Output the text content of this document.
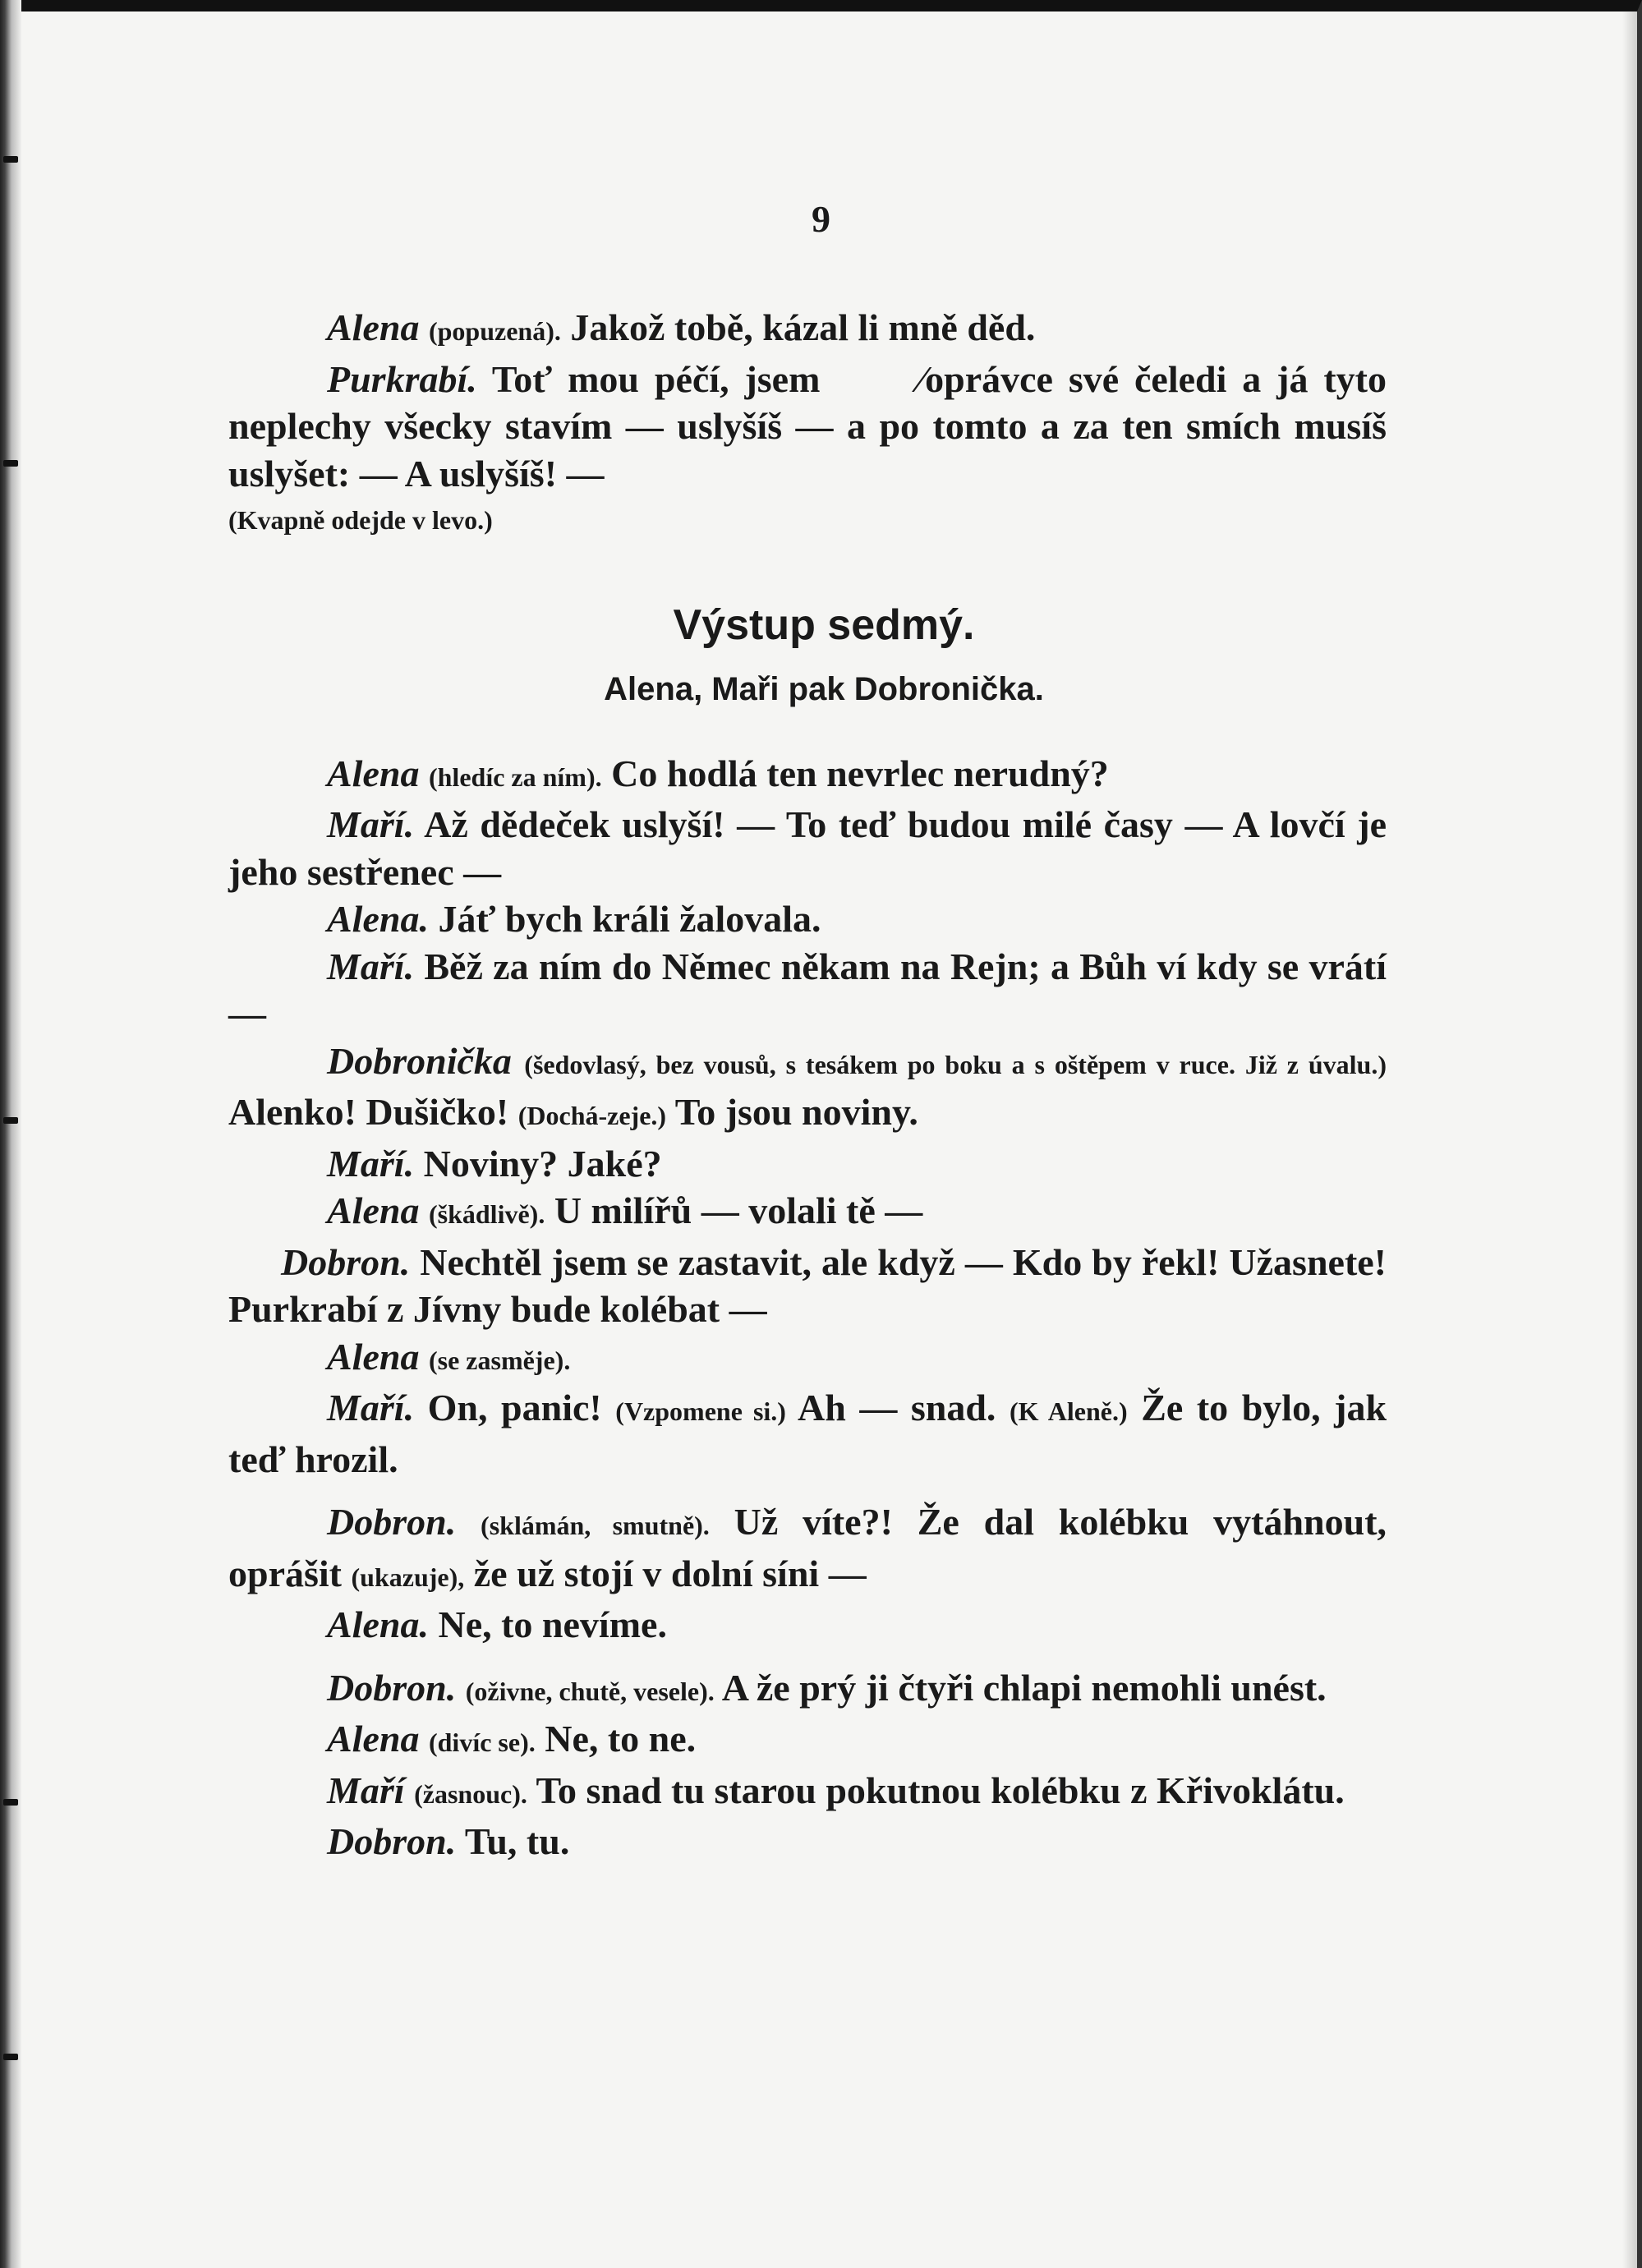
9

Alena (popuzená). Jakož tobě, kázal li mně děd.

Purkrabí. Toť mou péčí, jsem	⁄oprávce své čeledi a já tyto neplechy všecky stavím — uslyšíš — a po tomto a za ten smích musíš uslyšet: — A uslyšíš! —

(Kvapně odejde v levo.)

Výstup sedmý.

Alena, Maři pak Dobronička.

Alena (hledíc za ním). Co hodlá ten nevrlec nerudný?

Maří. Až dědeček uslyší! — To teď budou milé časy — A lovčí je jeho sestřenec —

Alena. Jáť bych králi žalovala.

Maří. Běž za ním do Němec někam na Rejn; a Bůh ví kdy se vrátí —

Dobronička (šedovlasý, bez vousů, s tesákem po boku a s oštěpem v ruce. Již z úvalu.) Alenko! Dušičko! (Dochá-zeje.) To jsou noviny.

Maří. Noviny? Jaké?

Alena (škádlivě). U milířů — volali tě —

Dobron. Nechtěl jsem se zastavit, ale když — Kdo by řekl! Užasnete! Purkrabí z Jívny bude kolébat —

Alena (se zasměje).

Maří. On, panic! (Vzpomene si.) Ah — snad. (K Aleně.) Že to bylo, jak teď hrozil.

Dobron. (sklámán, smutně). Už víte?! Že dal kolébku vytáhnout, oprášit (ukazuje), že už stojí v dolní síni —

Alena. Ne, to nevíme.

Dobron. (oživne, chutě, vesele). A že prý ji čtyři chlapi nemohli unést.

Alena (divíc se). Ne, to ne.

Maří (žasnouc). To snad tu starou pokutnou kolébku z Křivoklátu.

Dobron. Tu, tu.
